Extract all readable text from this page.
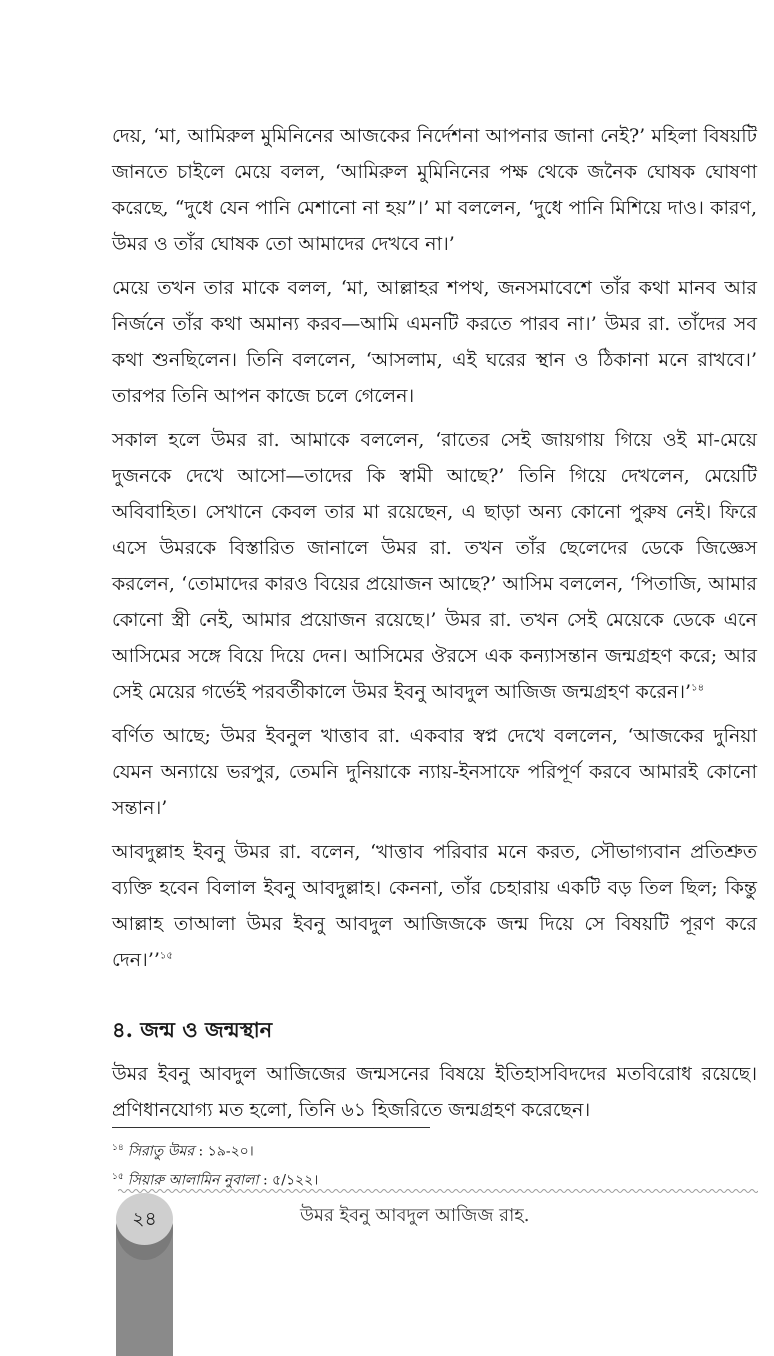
দেয়, ‘মা, আমিরুল মুমিনিনের আজকের নির্দেশনা আপনার জানা নেই?’ মহিলা বিষয়টি জানতে চাইলে মেয়ে বলল, ‘আমিরুল মুমিনিনের পক্ষ থেকে জনৈক ঘোষক ঘোষণা করেছে, “দুধে যেন পানি মেশানো না হয়”।’ মা বললেন, ‘দুধে পানি মিশিয়ে দাও। কারণ, উমর ও তাঁর ঘোষক তো আমাদের দেখবে না।’

মেয়ে তখন তার মাকে বলল, ‘মা, আল্লাহর শপথ, জনসমাবেশে তাঁর কথা মানব আর নির্জনে তাঁর কথা অমান্য করব—আমি এমনটি করতে পারব না।’ উমর রা. তাঁদের সব কথা শুনছিলেন। তিনি বললেন, ‘আসলাম, এই ঘরের স্থান ও ঠিকানা মনে রাখবে।’ তারপর তিনি আপন কাজে চলে গেলেন।

সকাল হলে উমর রা. আমাকে বললেন, ‘রাতের সেই জায়গায় গিয়ে ওই মা-মেয়ে দুজনকে দেখে আসো—তাদের কি স্বামী আছে?’ তিনি গিয়ে দেখলেন, মেয়েটি অবিবাহিত। সেখানে কেবল তার মা রয়েছেন, এ ছাড়া অন্য কোনো পুরুষ নেই। ফিরে এসে উমরকে বিস্তারিত জানালে উমর রা. তখন তাঁর ছেলেদের ডেকে জিজ্ঞেস করলেন, ‘তোমাদের কারও বিয়ের প্রয়োজন আছে?’ আসিম বললেন, ‘পিতাজি, আমার কোনো স্ত্রী নেই, আমার প্রয়োজন রয়েছে।’ উমর রা. তখন সেই মেয়েকে ডেকে এনে আসিমের সঙ্গে বিয়ে দিয়ে দেন। আসিমের ঔরসে এক কন্যাসন্তান জন্মগ্রহণ করে; আর সেই মেয়ের গর্ভেই পরবর্তীকালে উমর ইবনু আবদুল আজিজ জন্মগ্রহণ করেন।’$^{১৪}$

বর্ণিত আছে; উমর ইবনুল খাত্তাব রা. একবার স্বপ্ন দেখে বললেন, ‘আজকের দুনিয়া যেমন অন্যায়ে ভরপুর, তেমনি দুনিয়াকে ন্যায়-ইনসাফে পরিপূর্ণ করবে আমারই কোনো সন্তান।’

আবদুল্লাহ ইবনু উমর রা. বলেন, ‘খাত্তাব পরিবার মনে করত, সৌভাগ্যবান প্রতিশ্রুত ব্যক্তি হবেন বিলাল ইবনু আবদুল্লাহ। কেননা, তাঁর চেহারায় একটি বড় তিল ছিল; কিন্তু আল্লাহ তাআলা উমর ইবনু আবদুল আজিজকে জন্ম দিয়ে সে বিষয়টি পূরণ করে দেন।’’$^{১৫}$

৪. জন্ম ও জন্মস্থান

উমর ইবনু আবদুল আজিজের জন্মসনের বিষয়ে ইতিহাসবিদদের মতবিরোধ রয়েছে। প্রণিধানযোগ্য মত হলো, তিনি ৬১ হিজরিতে জন্মগ্রহণ করেছেন।

$^{১৪}$ সিরাতু উমর : ১৯-২০।

$^{১৫}$ সিয়ারু আলামিন নুবালা : ৫/১২২।

২৪	উমর ইবনু আবদুল আজিজ রাহ.
